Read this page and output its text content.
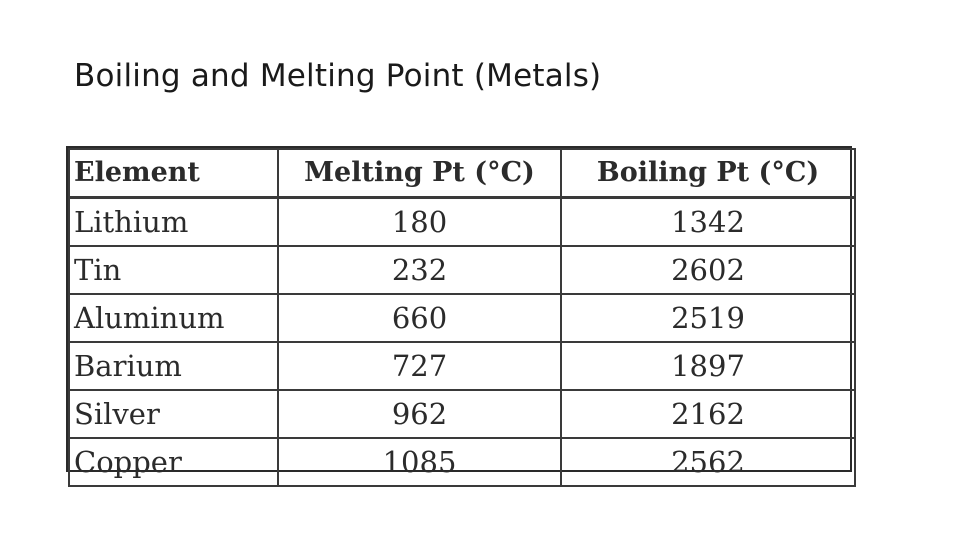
Boiling and Melting Point (Metals)
Element	Melting Pt (°C)	Boiling Pt (°C)
Lithium	180	1342
Tin	232	2602
Aluminum	660	2519
Barium	727	1897
Silver	962	2162
Copper	1085	2562
